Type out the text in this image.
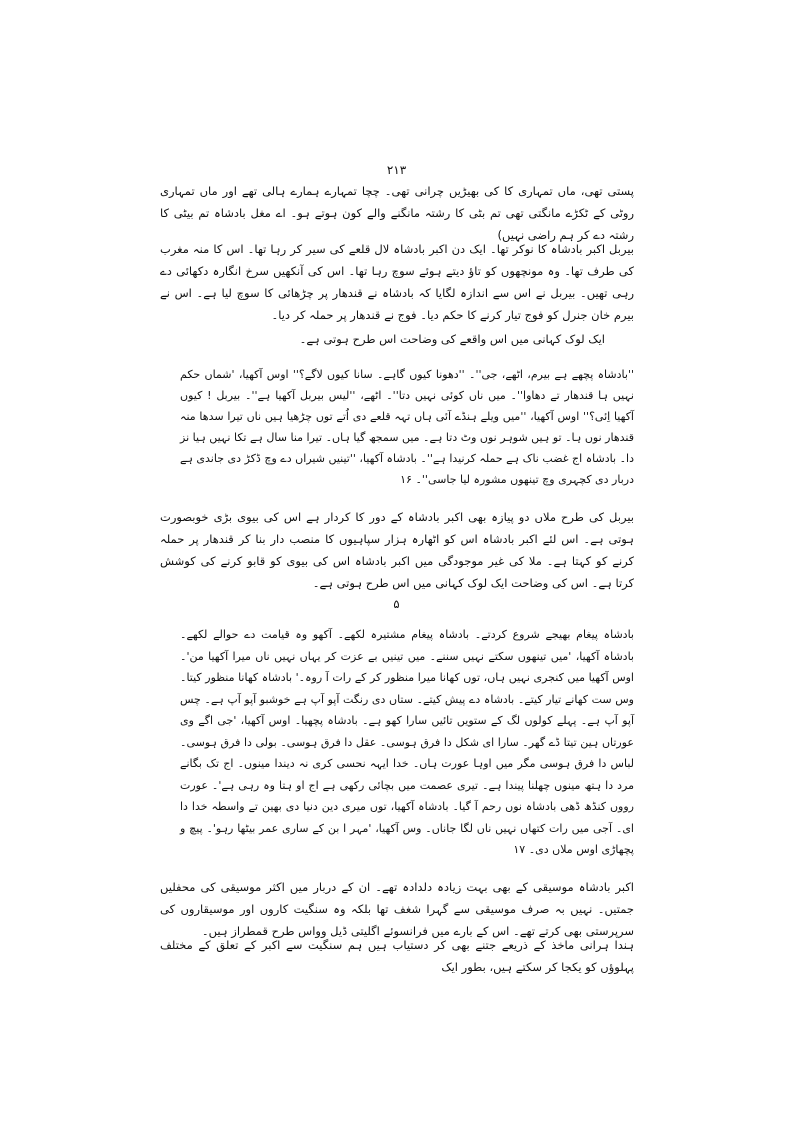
۲۱۳

پستی تھی، ماں تمہاری کا کی بھیڑیں چرانی تھی۔ چچا تمہارے ہمارے ہالی تھے اور ماں تمہاری روٹی کے ٹکڑے مانگتی تھی تم بٹی کا رشتہ مانگنے والے کون ہوتے ہو۔ اے مغل بادشاہ تم بیٹی کا رشتہ دے کر ہم راضی نہیں)

بیربل اکبر بادشاہ کا نوکر تھا۔ ایک دن اکبر بادشاہ لال قلعے کی سیر کر رہا تھا۔ اس کا منہ مغرب کی طرف تھا۔ وہ مونچھوں کو تاؤ دیتے ہوئے سوچ رہا تھا۔ اس کی آنکھیں سرخ انگارہ دکھائی دے رہی تھیں۔ بیربل نے اس سے اندازہ لگایا کہ بادشاہ نے قندھار پر چڑھائی کا سوچ لیا ہے۔ اس نے بیرم خان جنرل کو فوج تیار کرنے کا حکم دیا۔ فوج نے قندھار پر حملہ کر دیا۔

ایک لوک کہانی میں اس واقعے کی وضاحت اس طرح ہوتی ہے۔

''بادشاہ پچھے ہے بیرم، اٹھے، جی''۔ ''دھونا کیوں گاہے۔ سانا کیوں لاگے؟'' اوس آکھیا، 'شماں حکم نہیں ہا قندھار تے دھاوا''۔ میں ناں کوئی نہیں دتا''۔ اٹھے، ''لیس بیربل آکھیا ہے''۔ بیربل ! کیوں آکھیا اِئی؟'' اوس آکھیا، ''میں ویلے ہنڈے آئی ہاں تہہ قلعے دی اُتے توں چڑھیا ہیں ناں تیرا سدھا منہ قندھار نوں ہا۔ تو ہیں شوہر نوں وٹ دتا ہے۔ میں سمجھ گیا ہاں۔ تیرا منا سال ہے تکا نہیں ہیا نز دا۔ بادشاہ اج غضب ناک ہے حملہ کرنیدا ہے''۔ بادشاہ آکھیا، ''تینیں شیراں دے وچ ڈکڑ دی جاندی ہے دربار دی کچہری وچ تینھوں مشورہ لیا جاسی''۔ ۱۶

بیربل کی طرح ملاں دو پیازہ بھی اکبر بادشاہ کے دور کا کردار ہے اس کی بیوی بڑی خوبصورت ہوتی ہے۔ اس لئے اکبر بادشاہ اس کو اٹھارہ ہزار سپاہیوں کا منصب دار بنا کر قندھار پر حملہ کرنے کو کہتا ہے۔ ملا کی غیر موجودگی میں اکبر بادشاہ اس کی بیوی کو قابو کرنے کی کوشش کرتا ہے۔ اس کی وضاحت ایک لوک کہانی میں اس طرح ہوتی ہے۔

۵

بادشاہ پیغام بھیجے شروع کردتے۔ بادشاہ پیغام مشتیرہ لکھے۔ آکھو وہ قیامت دے حوالے لکھے۔ بادشاہ آکھیا، 'میں تینھوں سکتے نہیں سننے۔ میں تینیں بے عزت کر یہاں نہیں ناں میرا آکھیا من'۔ اوس آکھیا میں کنجری نہیں ہاں، توں کھانا میرا منظور کر کے رات آ روہ۔' بادشاہ کھانا منظور کیتا۔ وس ست کھانے تیار کیتے۔ بادشاہ دے پیش کیتے۔ ستاں دی رنگت آپو آپ ہے خوشبو آپو آپ ہے۔ چس آپو آپ ہے۔ پہلے کولوں لگ کے ستویں تائیں سارا کھو ہے۔ بادشاہ پچھیا۔ اوس آکھیا، 'جی اگے وی عورتاں ہین تیتا ڈے گھر۔ سارا ای شکل دا فرق ہوسی۔ عقل دا فرق ہوسی۔ بولی دا فرق ہوسی۔ لباس دا فرق ہوسی مگر میں اوہا عورت ہاں۔ خدا ایہہ نحسی کری نہ دیندا مینوں۔ اج تک بگانے مرد دا ہتھ مینوں چھلنا پیندا ہے۔ تیری عصمت میں بچائی رکھی ہے اج او ہتا وہ رہی ہے'۔ عورت رووں کنڈھ ڈھی بادشاہ نوں رحم آ گیا۔ بادشاہ آکھیا، توں میری دین دنیا دی بھین تے واسطہ خدا دا ای۔ آجی میں رات کتھاں نہیں ناں لگا جاناں۔ وس آکھیا، 'مہر ا بن کے ساری عمر بیٹھا رہو'۔ پیچ و پچھاڑی اوس ملاں دی۔ ۱۷

اکبر بادشاہ موسیقی کے بھی بہت زیادہ دلدادہ تھے۔ ان کے دربار میں اکثر موسیقی کی محفلیں جمتیں۔ نہیں بہ صرف موسیقی سے گہرا شغف تھا بلکہ وہ سنگیت کاروں اور موسیقاروں کی سرپرستی بھی کرتے تھے۔ اس کے بارے میں فرانسوئے اگلیتی ڈیل وواس طرح قمطراز ہیں۔

ہندا ہرانی ماخذ کے ذریعے جتنے بھی کر دستیاب ہیں ہم سنگیت سے اکبر کے تعلق کے مختلف پہلوؤں کو یکجا کر سکتے ہیں، بطور ایک
